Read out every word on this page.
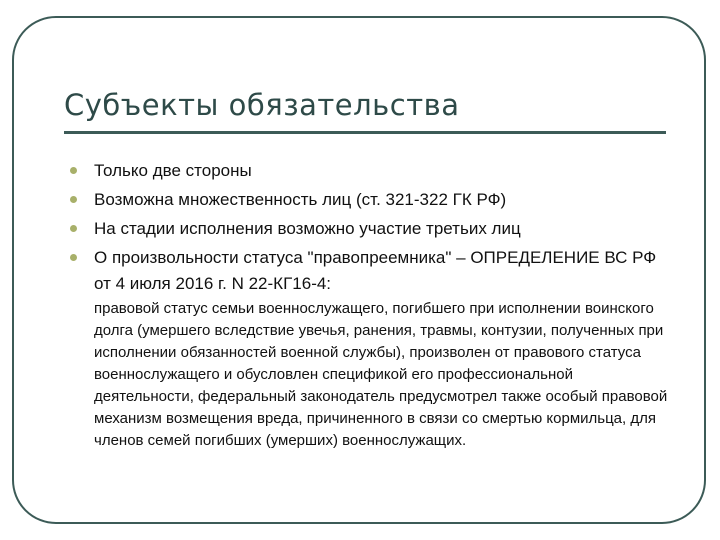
Субъекты обязательства
Только две стороны
Возможна множественность лиц (ст. 321-322 ГК РФ)
На стадии исполнения возможно участие третьих лиц
О произвольности статуса "правопреемника" – ОПРЕДЕЛЕНИЕ ВС РФ от 4 июля 2016 г. N 22-КГ16-4:
правовой статус семьи военнослужащего, погибшего при исполнении воинского долга (умершего вследствие увечья, ранения, травмы, контузии, полученных при исполнении обязанностей военной службы), произволен от правового статуса военнослужащего и обусловлен спецификой его профессиональной деятельности, федеральный законодатель предусмотрел также особый правовой механизм возмещения вреда, причиненного в связи со смертью кормильца, для членов семей погибших (умерших) военнослужащих.
